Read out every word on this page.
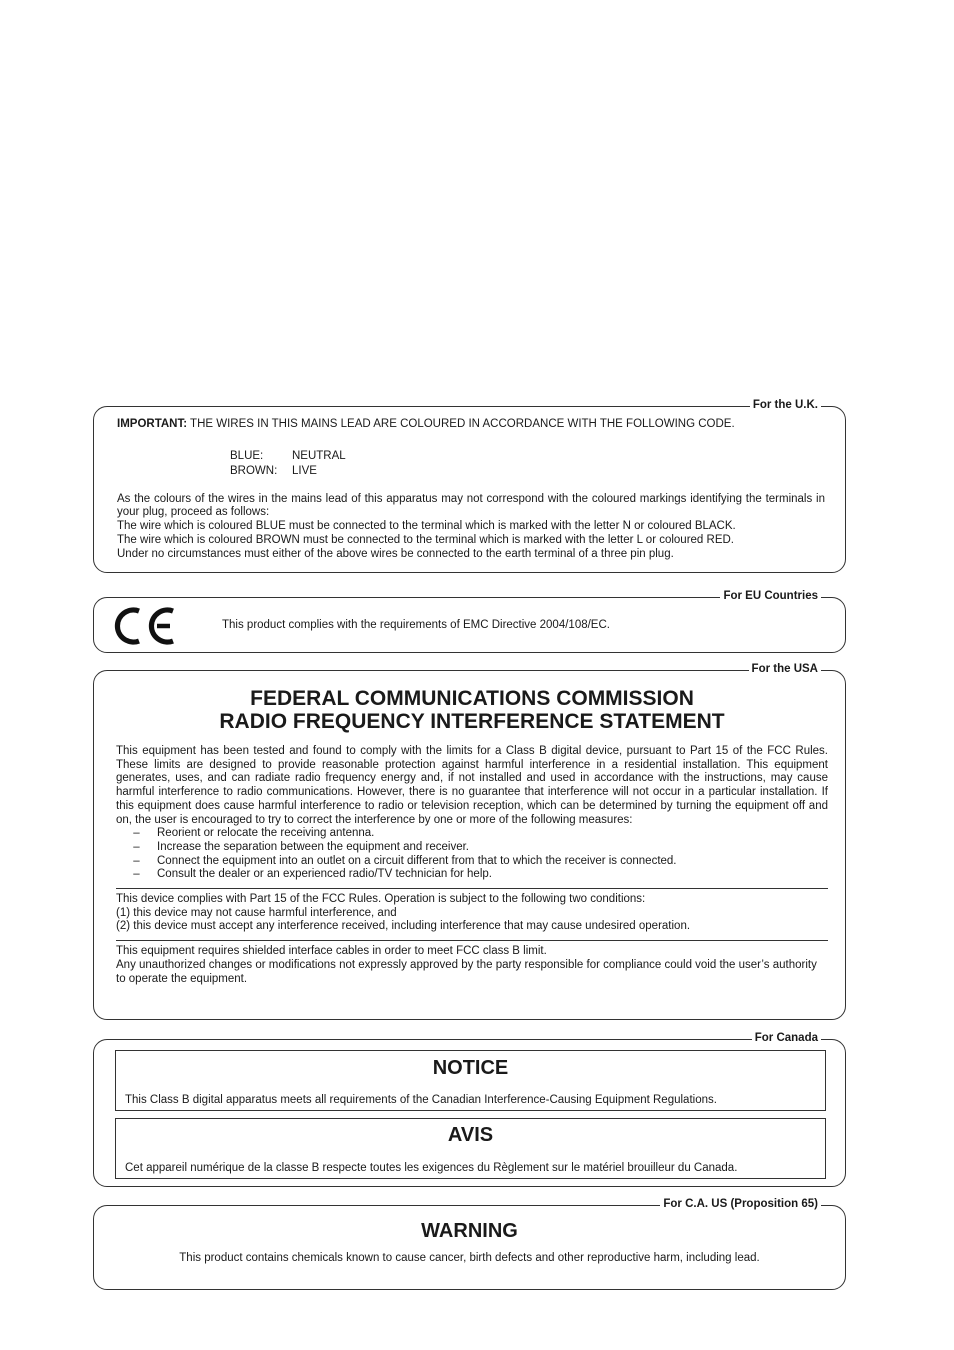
For the U.K.

IMPORTANT: THE WIRES IN THIS MAINS LEAD ARE COLOURED IN ACCORDANCE WITH THE FOLLOWING CODE.

BLUE:	NEUTRAL
BROWN:	LIVE

As the colours of the wires in the mains lead of this apparatus may not correspond with the coloured markings identifying the terminals in your plug, proceed as follows:

The wire which is coloured BLUE must be connected to the terminal which is marked with the letter N or coloured BLACK.

The wire which is coloured BROWN must be connected to the terminal which is marked with the letter L or coloured RED.

Under no circumstances must either of the above wires be connected to the earth terminal of a three pin plug.

For EU Countries

This product complies with the requirements of EMC Directive 2004/108/EC.

For the USA
FEDERAL COMMUNICATIONS COMMISSION
RADIO FREQUENCY INTERFERENCE STATEMENT

This equipment has been tested and found to comply with the limits for a Class B digital device, pursuant to Part 15 of the FCC Rules. These limits are designed to provide reasonable protection against harmful interference in a residential installation. This equipment generates, uses, and can radiate radio frequency energy and, if not installed and used in accordance with the instructions, may cause harmful interference to radio communications. However, there is no guarantee that interference will not occur in a particular installation. If this equipment does cause harmful interference to radio or television reception, which can be determined by turning the equipment off and on, the user is encouraged to try to correct the interference by one or more of the following measures:

–	Reorient or relocate the receiving antenna.
–	Increase the separation between the equipment and receiver.
–	Connect the equipment into an outlet on a circuit different from that to which the receiver is connected.
–	Consult the dealer or an experienced radio/TV technician for help.

This device complies with Part 15 of the FCC Rules. Operation is subject to the following two conditions:

(1) this device may not cause harmful interference, and

(2) this device must accept any interference received, including interference that may cause undesired operation.

This equipment requires shielded interface cables in order to meet FCC class B limit.

Any unauthorized changes or modifications not expressly approved by the party responsible for compliance could void the user’s authority to operate the equipment.

For Canada
NOTICE

This Class B digital apparatus meets all requirements of the Canadian Interference-Causing Equipment Regulations.

AVIS

Cet appareil numérique de la classe B respecte toutes les exigences du Règlement sur le matériel brouilleur du Canada.

For C.A. US (Proposition 65)
WARNING

This product contains chemicals known to cause cancer, birth defects and other reproductive harm, including lead.
